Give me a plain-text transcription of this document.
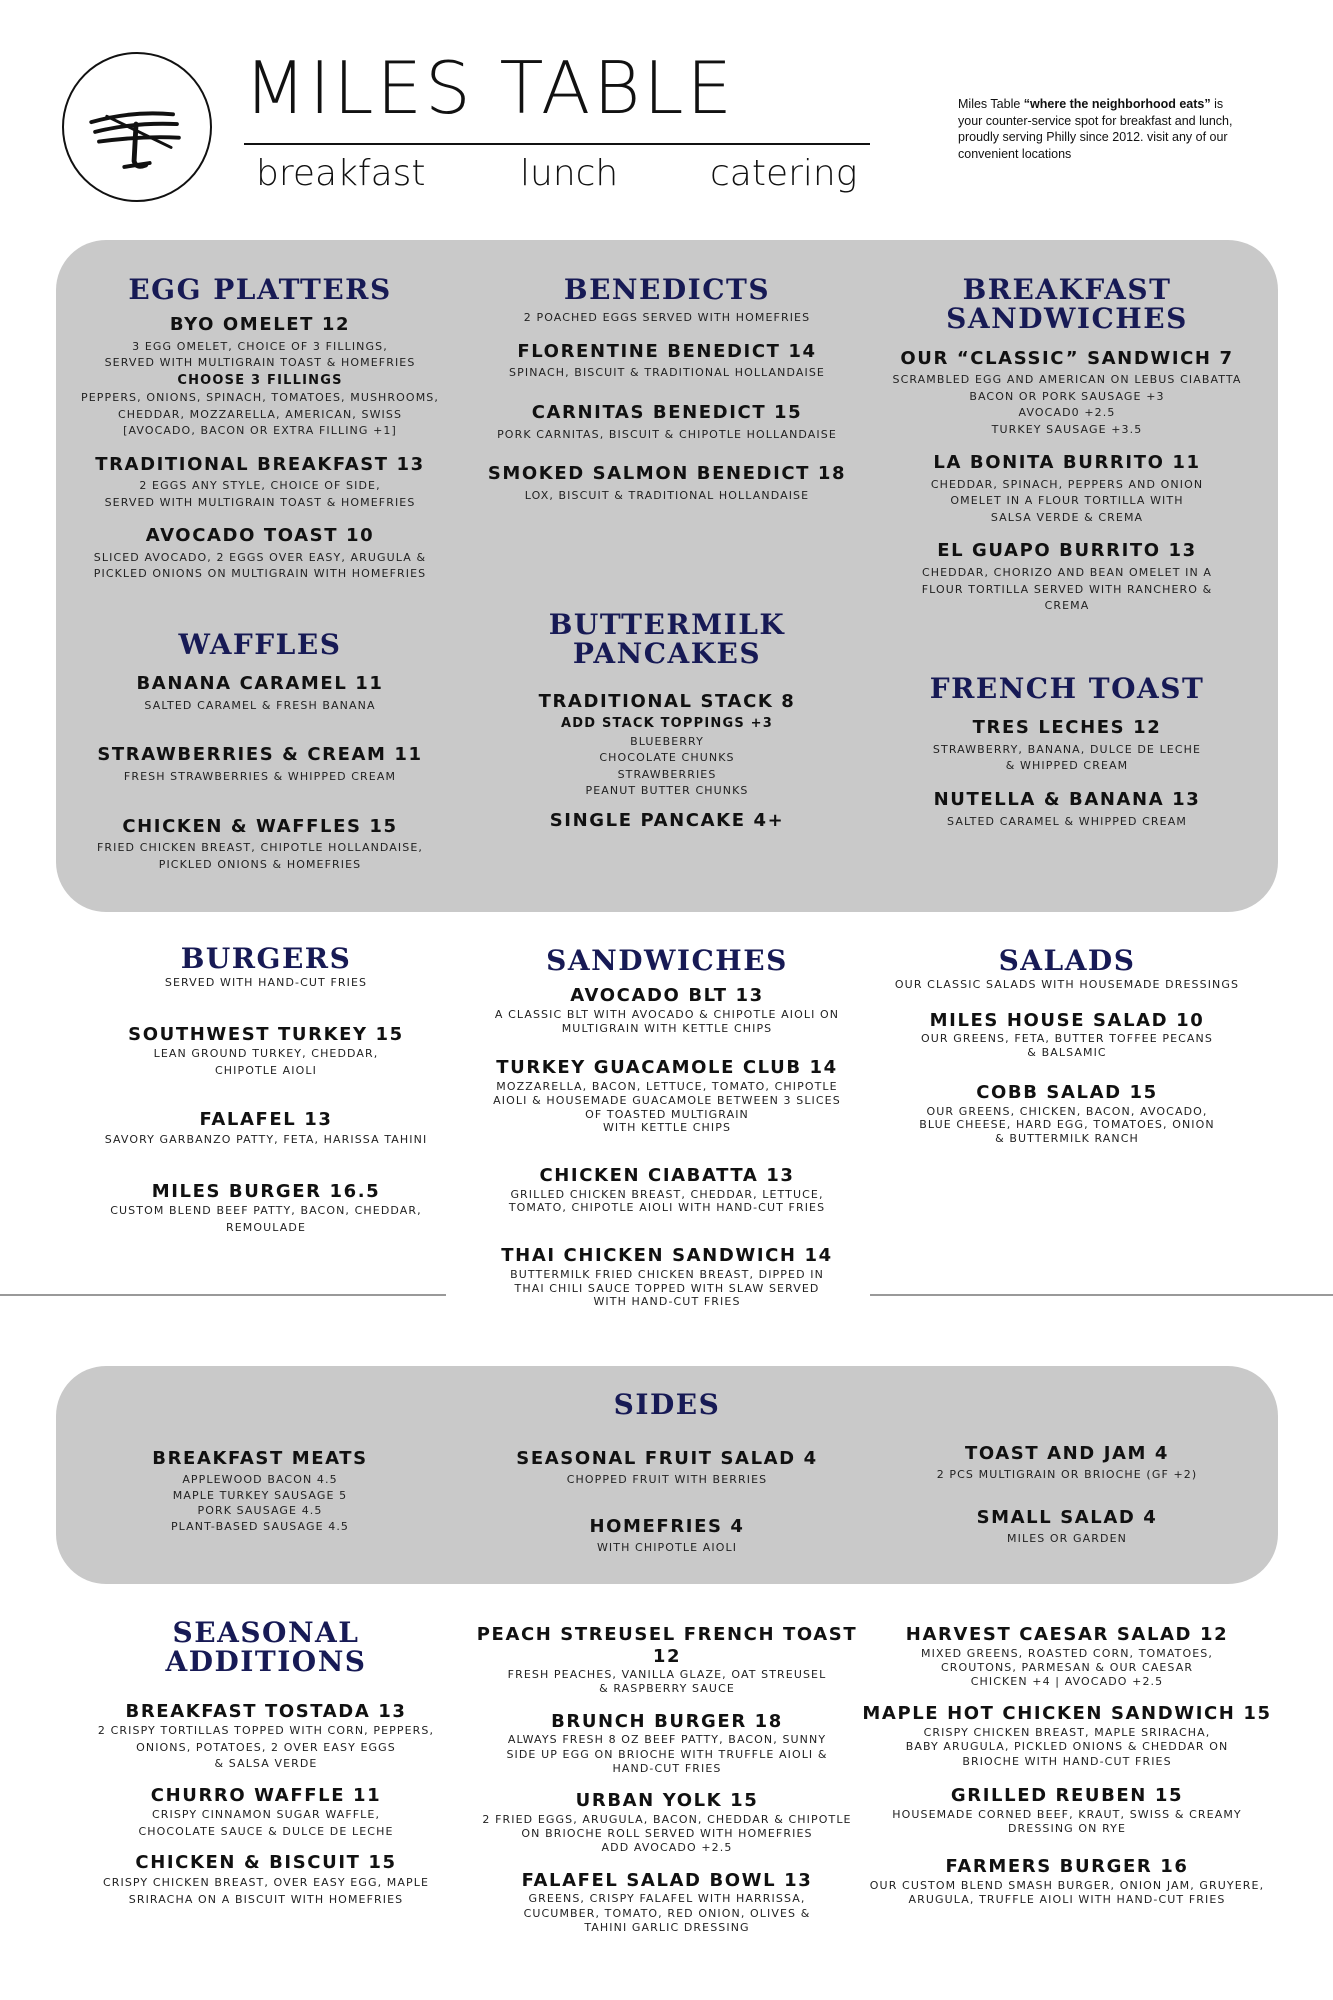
MILES TABLE
breakfast	lunch	catering
Miles Table “where the neighborhood eats” is your counter-service spot for breakfast and lunch, proudly serving Philly since 2012. visit any of our convenient locations
EGG PLATTERS
BYO OMELET 12
3 EGG OMELET, CHOICE OF 3 FILLINGS,
SERVED WITH MULTIGRAIN TOAST & HOMEFRIES
CHOOSE 3 FILLINGS
PEPPERS, ONIONS, SPINACH, TOMATOES, MUSHROOMS,
CHEDDAR, MOZZARELLA, AMERICAN, SWISS
[AVOCADO, BACON OR EXTRA FILLING +1]
TRADITIONAL BREAKFAST 13
2 EGGS ANY STYLE, CHOICE OF SIDE,
SERVED WITH MULTIGRAIN TOAST & HOMEFRIES
AVOCADO TOAST 10
SLICED AVOCADO, 2 EGGS OVER EASY, ARUGULA &
PICKLED ONIONS ON MULTIGRAIN WITH HOMEFRIES
BENEDICTS
2 POACHED EGGS SERVED WITH HOMEFRIES
FLORENTINE BENEDICT 14
SPINACH, BISCUIT & TRADITIONAL HOLLANDAISE
CARNITAS BENEDICT 15
PORK CARNITAS, BISCUIT & CHIPOTLE HOLLANDAISE
SMOKED SALMON BENEDICT 18
LOX, BISCUIT & TRADITIONAL HOLLANDAISE
BREAKFAST
SANDWICHES
OUR “CLASSIC” SANDWICH 7
SCRAMBLED EGG AND AMERICAN ON LEBUS CIABATTA
BACON OR PORK SAUSAGE +3
AVOCAD0 +2.5
TURKEY SAUSAGE +3.5
LA BONITA BURRITO 11
CHEDDAR, SPINACH, PEPPERS AND ONION
OMELET IN A FLOUR TORTILLA WITH
SALSA VERDE & CREMA
EL GUAPO BURRITO 13
CHEDDAR, CHORIZO AND BEAN OMELET IN A
FLOUR TORTILLA SERVED WITH RANCHERO &
CREMA
WAFFLES
BANANA CARAMEL 11
SALTED CARAMEL & FRESH BANANA
STRAWBERRIES & CREAM 11
FRESH STRAWBERRIES & WHIPPED CREAM
CHICKEN & WAFFLES 15
FRIED CHICKEN BREAST, CHIPOTLE HOLLANDAISE,
PICKLED ONIONS & HOMEFRIES
BUTTERMILK
PANCAKES
TRADITIONAL STACK 8
ADD STACK TOPPINGS +3
BLUEBERRY
CHOCOLATE CHUNKS
STRAWBERRIES
PEANUT BUTTER CHUNKS
SINGLE PANCAKE 4+
FRENCH TOAST
TRES LECHES 12
STRAWBERRY, BANANA, DULCE DE LECHE
& WHIPPED CREAM
NUTELLA & BANANA 13
SALTED CARAMEL & WHIPPED CREAM
BURGERS
SERVED WITH HAND-CUT FRIES
SOUTHWEST TURKEY 15
LEAN GROUND TURKEY, CHEDDAR,
CHIPOTLE AIOLI
FALAFEL 13
SAVORY GARBANZO PATTY, FETA, HARISSA TAHINI
MILES BURGER 16.5
CUSTOM BLEND BEEF PATTY, BACON, CHEDDAR,
REMOULADE
SANDWICHES
AVOCADO BLT 13
A CLASSIC BLT WITH AVOCADO & CHIPOTLE AIOLI ON
MULTIGRAIN WITH KETTLE CHIPS
TURKEY GUACAMOLE CLUB 14
MOZZARELLA, BACON, LETTUCE, TOMATO, CHIPOTLE
AIOLI & HOUSEMADE GUACAMOLE BETWEEN 3 SLICES
OF TOASTED MULTIGRAIN
WITH KETTLE CHIPS
CHICKEN CIABATTA 13
GRILLED CHICKEN BREAST, CHEDDAR, LETTUCE,
TOMATO, CHIPOTLE AIOLI WITH HAND-CUT FRIES
THAI CHICKEN SANDWICH 14
BUTTERMILK FRIED CHICKEN BREAST, DIPPED IN
THAI CHILI SAUCE TOPPED WITH SLAW SERVED
WITH HAND-CUT FRIES
SALADS
OUR CLASSIC SALADS WITH HOUSEMADE DRESSINGS
MILES HOUSE SALAD 10
OUR GREENS, FETA, BUTTER TOFFEE PECANS
& BALSAMIC
COBB SALAD 15
OUR GREENS, CHICKEN, BACON, AVOCADO,
BLUE CHEESE, HARD EGG, TOMATOES, ONION
& BUTTERMILK RANCH
SIDES
BREAKFAST MEATS
APPLEWOOD BACON 4.5
MAPLE TURKEY SAUSAGE 5
PORK SAUSAGE 4.5
PLANT-BASED SAUSAGE 4.5
SEASONAL FRUIT SALAD 4
CHOPPED FRUIT WITH BERRIES
HOMEFRIES 4
WITH CHIPOTLE AIOLI
TOAST AND JAM 4
2 PCS MULTIGRAIN OR BRIOCHE (GF +2)
SMALL SALAD 4
MILES OR GARDEN
SEASONAL
ADDITIONS
BREAKFAST TOSTADA 13
2 CRISPY TORTILLAS TOPPED WITH CORN, PEPPERS,
ONIONS, POTATOES, 2 OVER EASY EGGS
& SALSA VERDE
CHURRO WAFFLE 11
CRISPY CINNAMON SUGAR WAFFLE,
CHOCOLATE SAUCE & DULCE DE LECHE
CHICKEN & BISCUIT 15
CRISPY CHICKEN BREAST, OVER EASY EGG, MAPLE
SRIRACHA ON A BISCUIT WITH HOMEFRIES
PEACH STREUSEL FRENCH TOAST 12
FRESH PEACHES, VANILLA GLAZE, OAT STREUSEL
& RASPBERRY SAUCE
BRUNCH BURGER 18
ALWAYS FRESH 8 OZ BEEF PATTY, BACON, SUNNY
SIDE UP EGG ON BRIOCHE WITH TRUFFLE AIOLI &
HAND-CUT FRIES
URBAN YOLK 15
2 FRIED EGGS, ARUGULA, BACON, CHEDDAR & CHIPOTLE
ON BRIOCHE ROLL SERVED WITH HOMEFRIES
ADD AVOCADO +2.5
FALAFEL SALAD BOWL 13
GREENS, CRISPY FALAFEL WITH HARRISSA,
CUCUMBER, TOMATO, RED ONION, OLIVES &
TAHINI GARLIC DRESSING
HARVEST CAESAR SALAD 12
MIXED GREENS, ROASTED CORN, TOMATOES,
CROUTONS, PARMESAN & OUR CAESAR
CHICKEN +4 | AVOCADO +2.5
MAPLE HOT CHICKEN SANDWICH 15
CRISPY CHICKEN BREAST, MAPLE SRIRACHA,
BABY ARUGULA, PICKLED ONIONS & CHEDDAR ON
BRIOCHE WITH HAND-CUT FRIES
GRILLED REUBEN 15
HOUSEMADE CORNED BEEF, KRAUT, SWISS & CREAMY
DRESSING ON RYE
FARMERS BURGER 16
OUR CUSTOM BLEND SMASH BURGER, ONION JAM, GRUYERE,
ARUGULA, TRUFFLE AIOLI WITH HAND-CUT FRIES
